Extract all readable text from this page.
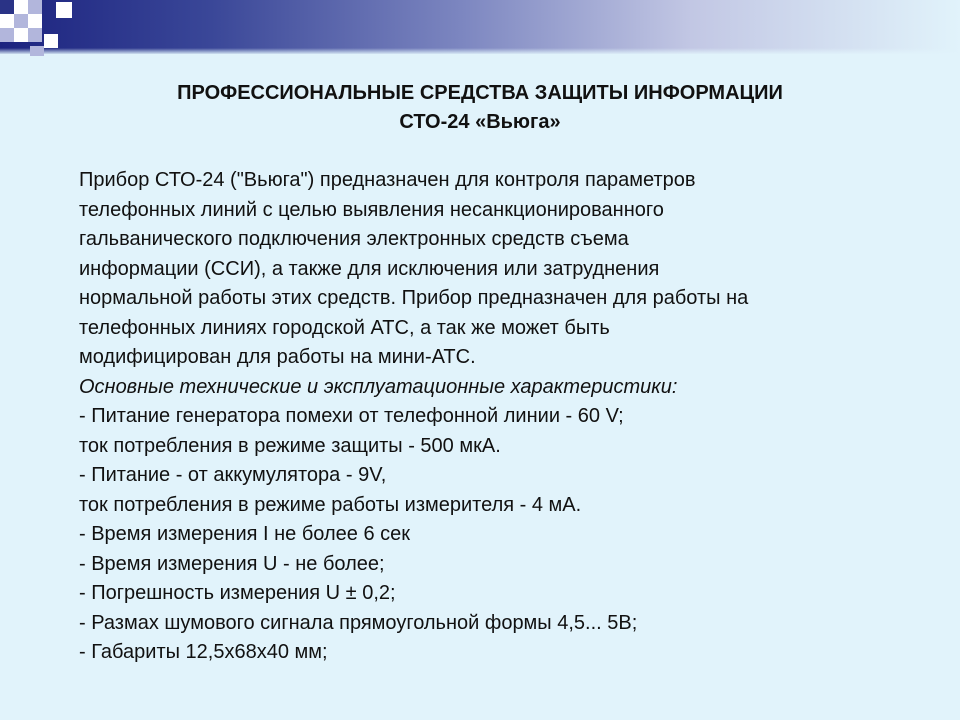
ПРОФЕССИОНАЛЬНЫЕ СРЕДСТВА ЗАЩИТЫ ИНФОРМАЦИИ
СТО-24 «Вьюга»
Прибор СТО-24 ("Вьюга") предназначен для контроля параметров
телефонных линий с целью выявления несанкционированного
гальванического подключения электронных средств съема
информации (ССИ), а также для исключения или затруднения
нормальной работы этих средств. Прибор предназначен для работы на
телефонных линиях городской АТС, а так же может быть
модифицирован для работы на мини-АТС.
Основные технические и эксплуатационные характеристики:
- Питание генератора помехи от телефонной линии - 60 V;
ток потребления в режиме защиты - 500 мкА.
- Питание - от аккумулятора - 9V,
ток потребления в режиме работы измерителя - 4 мА.
- Время измерения I не более 6 сек
- Время измерения U - не более;
- Погрешность измерения U ± 0,2;
- Размах шумового сигнала прямоугольной формы 4,5... 5В;
- Габариты 12,5х68х40 мм;
